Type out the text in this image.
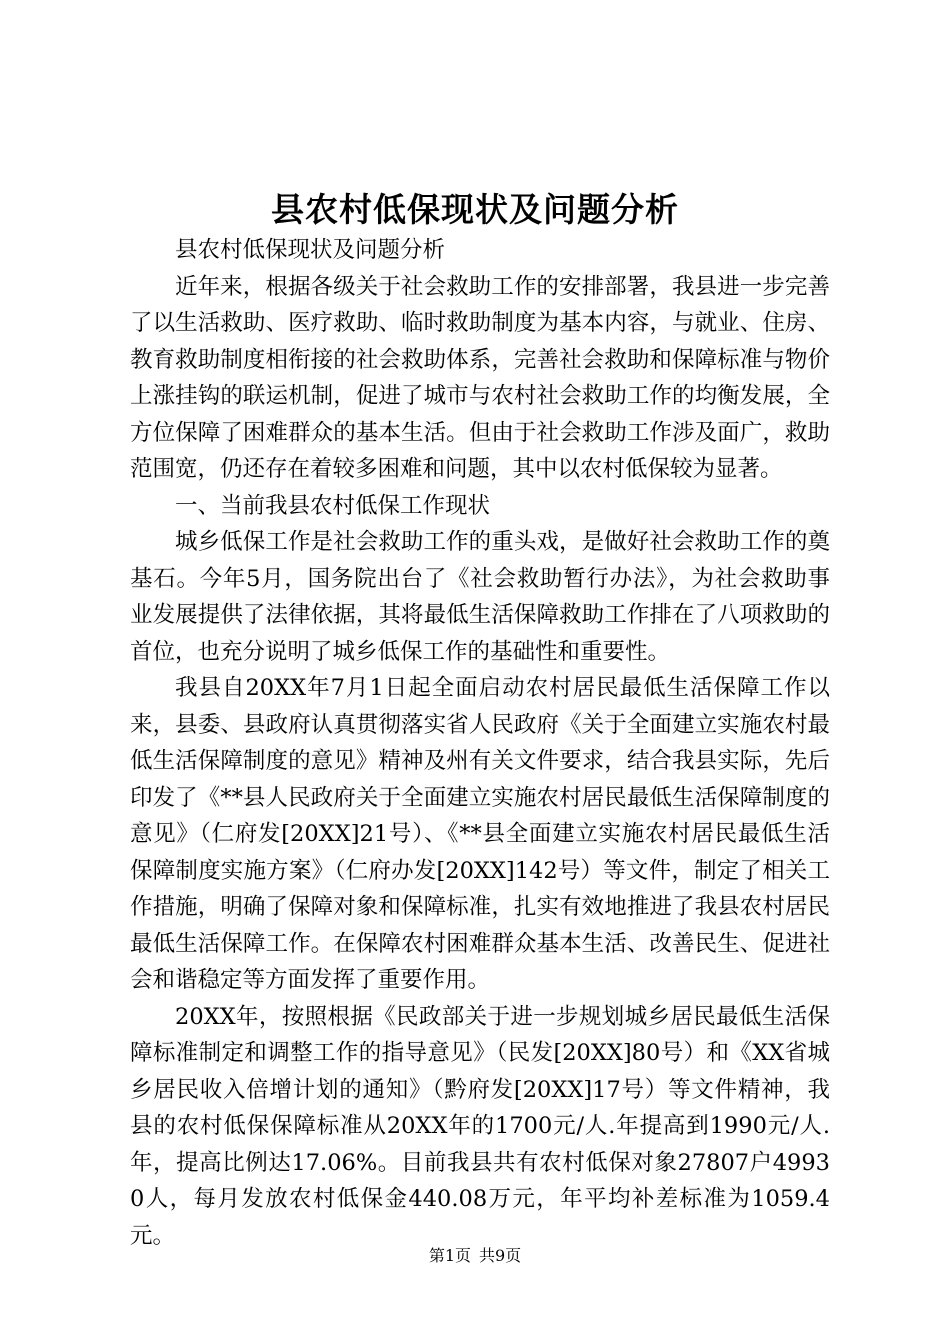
县农村低保现状及问题分析

县农村低保现状及问题分析

近年来，根据各级关于社会救助工作的安排部署，我县进一步完善了以生活救助、医疗救助、临时救助制度为基本内容，与就业、住房、教育救助制度相衔接的社会救助体系，完善社会救助和保障标准与物价上涨挂钩的联运机制，促进了城市与农村社会救助工作的均衡发展，全方位保障了困难群众的基本生活。但由于社会救助工作涉及面广，救助范围宽，仍还存在着较多困难和问题，其中以农村低保较为显著。

一、当前我县农村低保工作现状

城乡低保工作是社会救助工作的重头戏，是做好社会救助工作的奠基石。今年5月，国务院出台了《社会救助暂行办法》，为社会救助事业发展提供了法律依据，其将最低生活保障救助工作排在了八项救助的首位，也充分说明了城乡低保工作的基础性和重要性。

我县自20XX年7月1日起全面启动农村居民最低生活保障工作以来，县委、县政府认真贯彻落实省人民政府《关于全面建立实施农村最低生活保障制度的意见》精神及州有关文件要求，结合我县实际，先后印发了《**县人民政府关于全面建立实施农村居民最低生活保障制度的意见》（仁府发[20XX]21号）、《**县全面建立实施农村居民最低生活保障制度实施方案》（仁府办发[20XX]142号）等文件，制定了相关工作措施，明确了保障对象和保障标准，扎实有效地推进了我县农村居民最低生活保障工作。在保障农村困难群众基本生活、改善民生、促进社会和谐稳定等方面发挥了重要作用。

20XX年，按照根据《民政部关于进一步规划城乡居民最低生活保障标准制定和调整工作的指导意见》（民发[20XX]80号）和《XX省城乡居民收入倍增计划的通知》（黔府发[20XX]17号）等文件精神，我县的农村低保保障标准从20XX年的1700元/人.年提高到1990元/人.年，提高比例达17.06%。目前我县共有农村低保对象27807户49930人，每月发放农村低保金440.08万元，年平均补差标准为1059.4元。

第1页 共9页
